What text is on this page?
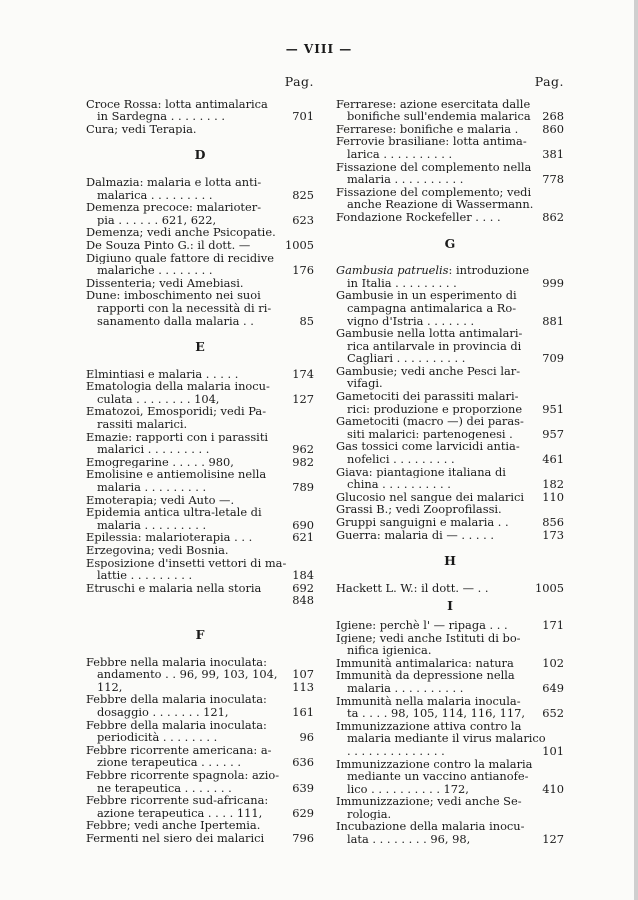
— VIII —
Pag.
Croce Rossa: lotta antimalarica
in Sardegna . . . . . . . .	701
Cura; vedi Terapia.
D
Dalmazia: malaria e lotta anti-
malarica . . . . . . . . .	825
Demenza precoce: malarioter-
pia . . . . . . 621, 622,	623
Demenza; vedi anche Psicopatie.
De Souza Pinto G.: il dott. —	1005
Digiuno quale fattore di recidive
malariche . . . . . . . .	176
Dissenteria; vedi Amebiasi.
Dune: imboschimento nei suoi
rapporti con la necessità di ri-
sanamento dalla malaria . .	85
E
Elmintiasi e malaria . . . . .	174
Ematologia della malaria inocu-
culata . . . . . . . . 104,	127
Ematozoi, Emosporidi; vedi Pa-
rassiti malarici.
Emazie: rapporti con i parassiti
malarici . . . . . . . . .	962
Emogregarine . . . . . 980,	982
Emolisine e antiemolisine nella
malaria . . . . . . . . .	789
Emoterapia; vedi Auto —.
Epidemia antica ultra-letale di
malaria . . . . . . . . .	690
Epilessia: malarioterapia . . .	621
Erzegovina; vedi Bosnia.
Esposizione d'insetti vettori di ma-
lattie . . . . . . . . .	184
Etruschi e malaria nella storia	692
848
F
Febbre nella malaria inoculata:
andamento . . 96, 99, 103, 104, 107
112,	113
Febbre della malaria inoculata:
dosaggio . . . . . . . 121,	161
Febbre della malaria inoculata:
periodicità . . . . . . . .	96
Febbre ricorrente americana: a-
zione terapeutica . . . . . .	636
Febbre ricorrente spagnola: azio-
ne terapeutica . . . . . . .	639
Febbre ricorrente sud-africana:
azione terapeutica . . . . 111,	629
Febbre; vedi anche Ipertemia.
Fermenti nel siero dei malarici 796
Pag.
Ferrarese: azione esercitata dalle
bonifiche sull'endemia malarica 268
Ferrarese: bonifiche e malaria . 860
Ferrovie brasiliane: lotta antima-
larica . . . . . . . . . .	381
Fissazione del complemento nella
malaria . . . . . . . . . .	778
Fissazione del complemento; vedi
anche Reazione di Wassermann.
Fondazione Rockefeller . . . .	862
G
Gambusia patruelis: introduzione
in Italia . . . . . . . . .	999
Gambusie in un esperimento di
campagna antimalarica a Ro-
vigno d'Istria . . . . . . .	881
Gambusie nella lotta antimalari-
rica antilarvale in provincia di
Cagliari . . . . . . . . . .	709
Gambusie; vedi anche Pesci lar-
vifagi.
Gametociti dei parassiti malari-
rici: produzione e proporzione 951
Gametociti (macro —) dei paras-
siti malarici: partenogenesi .	957
Gas tossici come larvicidi antia-
nofelici . . . . . . . . .	461
Giava: piantagione italiana di
china . . . . . . . . . .	182
Glucosio nel sangue dei malarici 110
Grassi B.; vedi Zooprofilassi.
Gruppi sanguigni e malaria . .	856
Guerra: malaria di — . . . . .	173
H
Hackett L. W.: il dott. — . .	1005
I
Igiene: perchè l' — ripaga . . .	171
Igiene; vedi anche Istituti di bo-
nifica igienica.
Immunità antimalarica: natura 102
Immunità da depressione nella
malaria . . . . . . . . . .	649
Immunità nella malaria inocula-
ta . . . . 98, 105, 114, 116, 117, 652
Immunizzazione attiva contro la
malaria mediante il virus malarico
. . . . . . . . . . . . . .	101
Immunizzazione contro la malaria
mediante un vaccino antianofe-
lico . . . . . . . . . . 172,	410
Immunizzazione; vedi anche Se-
rologia.
Incubazione della malaria inocu-
lata . . . . . . . . 96, 98,	127
